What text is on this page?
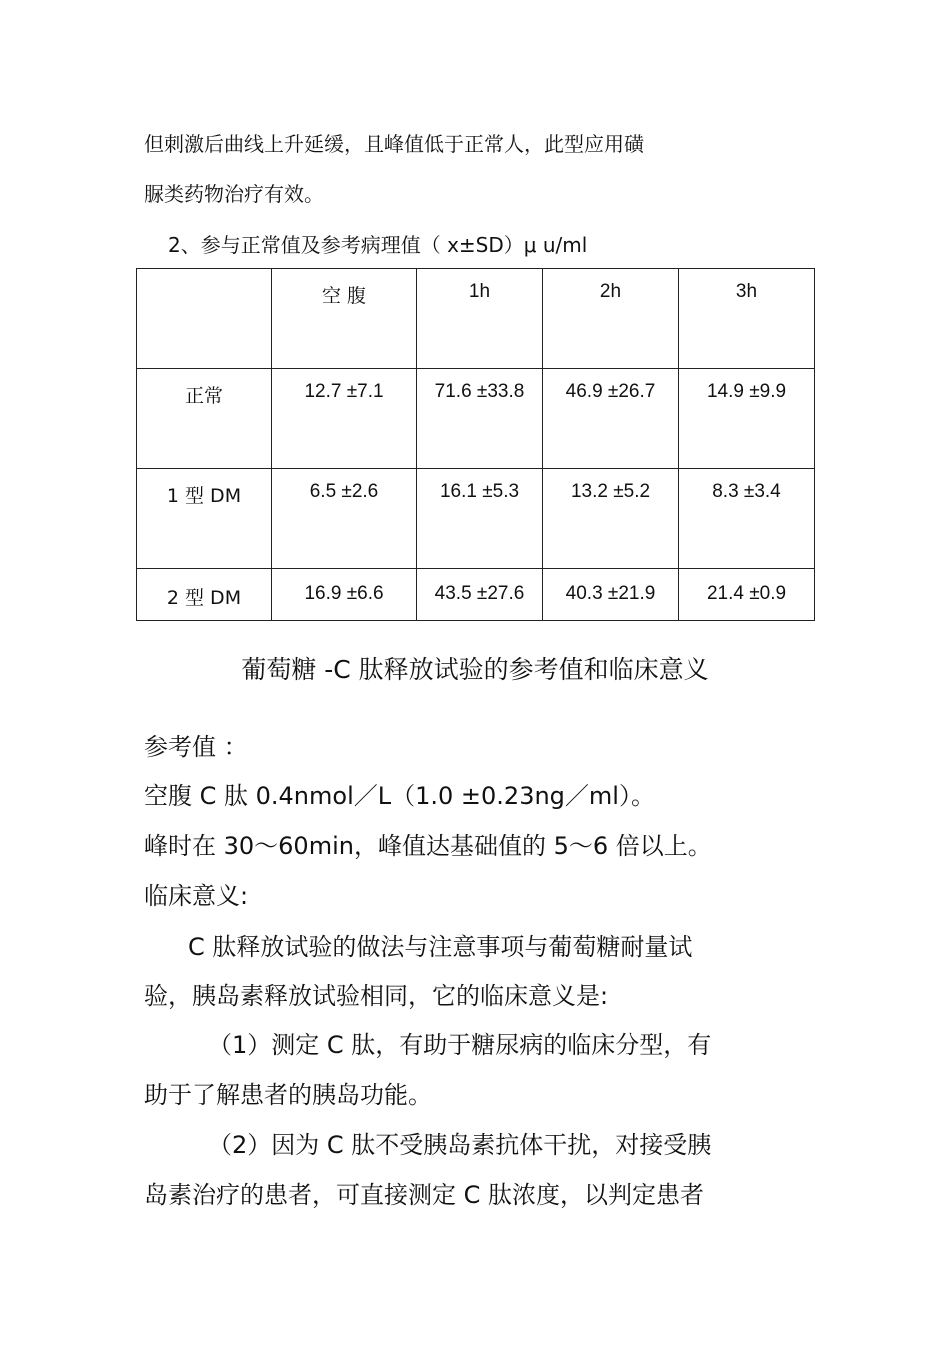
但刺激后曲线上升延缓，且峰值低于正常人，此型应用磺
脲类药物治疗有效。
2、参与正常值及参考病理值（ x±SD）μ u/ml
	空 腹	1h	2h	3h
正常	12.7 ±7.1	71.6 ±33.8	46.9 ±26.7	14.9 ±9.9
1 型 DM	6.5 ±2.6	16.1 ±5.3	13.2 ±5.2	8.3 ±3.4
2 型 DM	16.9 ±6.6	43.5 ±27.6	40.3 ±21.9	21.4 ±0.9
葡萄糖 -C 肽释放试验的参考值和临床意义
参考值 ：
空腹 C 肽 0.4nmol／L（1.0 ±0.23ng／ml）。
峰时在 30～60min，峰值达基础值的 5～6 倍以上。
临床意义:
C 肽释放试验的做法与注意事项与葡萄糖耐量试
验，胰岛素释放试验相同，它的临床意义是:
（1）测定 C 肽，有助于糖尿病的临床分型，有
助于了解患者的胰岛功能。
（2）因为 C 肽不受胰岛素抗体干扰，对接受胰
岛素治疗的患者，可直接测定 C 肽浓度，以判定患者
